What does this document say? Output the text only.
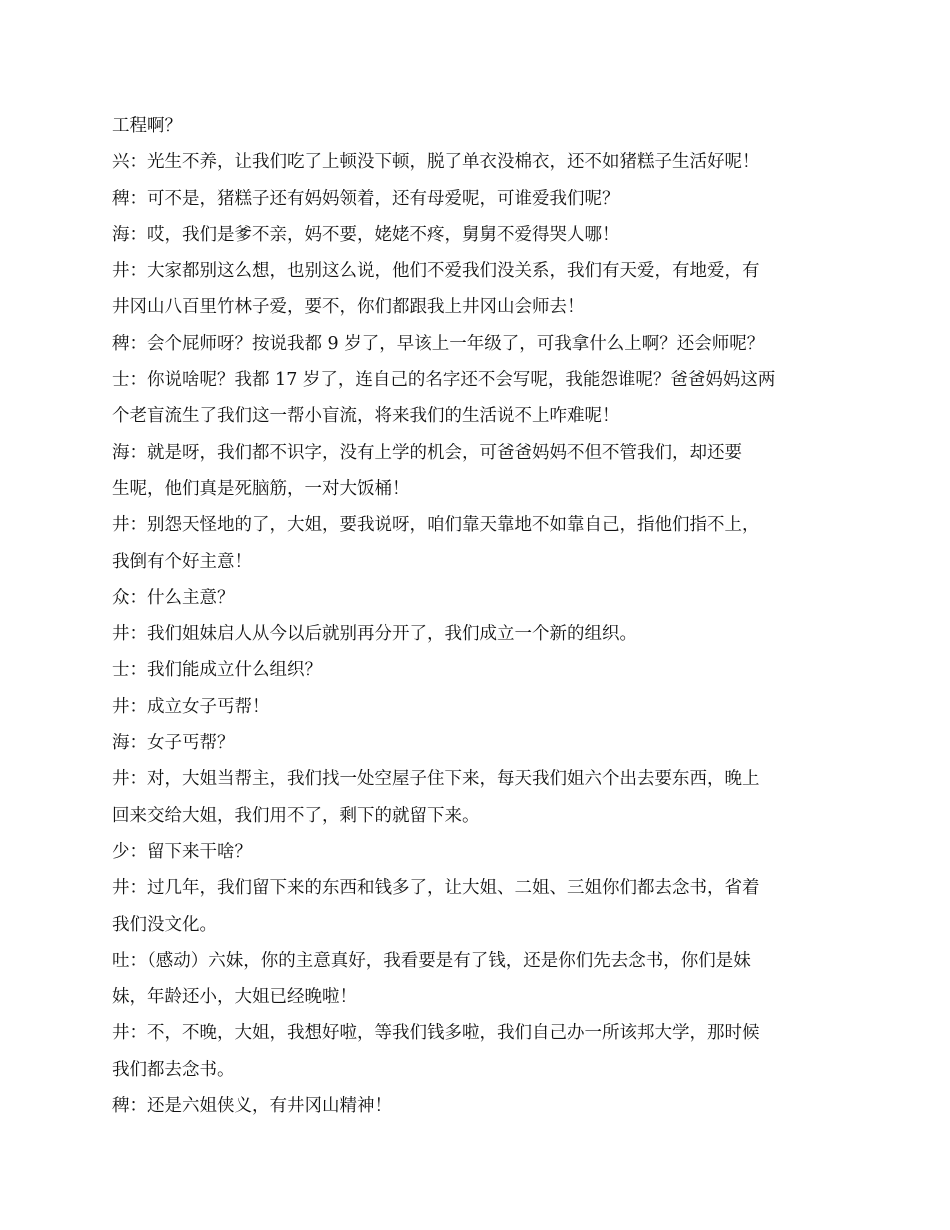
工程啊？
兴：光生不养，让我们吃了上顿没下顿，脱了单衣没棉衣，还不如猪糕子生活好呢！
稗：可不是，猪糕子还有妈妈领着，还有母爱呢，可谁爱我们呢？
海：哎，我们是爹不亲，妈不要，姥姥不疼，舅舅不爱得哭人哪！
井：大家都别这么想，也别这么说，他们不爱我们没关系，我们有天爱，有地爱，有
井冈山八百里竹林子爱，要不，你们都跟我上井冈山会师去！
稗：会个屁师呀？按说我都 9 岁了，早该上一年级了，可我拿什么上啊？还会师呢？
士：你说啥呢？我都 17 岁了，连自己的名字还不会写呢，我能怨谁呢？爸爸妈妈这两
个老盲流生了我们这一帮小盲流，将来我们的生活说不上咋难呢！
海：就是呀，我们都不识字，没有上学的机会，可爸爸妈妈不但不管我们，却还要
生呢，他们真是死脑筋，一对大饭桶！
井：别怨天怪地的了，大姐，要我说呀，咱们靠天靠地不如靠自己，指他们指不上，
我倒有个好主意！
众：什么主意？
井：我们姐妹启人从今以后就别再分开了，我们成立一个新的组织。
士：我们能成立什么组织？
井：成立女子丐帮！
海：女子丐帮？
井：对，大姐当帮主，我们找一处空屋子住下来，每天我们姐六个出去要东西，晚上
回来交给大姐，我们用不了，剩下的就留下来。
少：留下来干啥？
井：过几年，我们留下来的东西和钱多了，让大姐、二姐、三姐你们都去念书，省着
我们没文化。
吐：（感动）六妹，你的主意真好，我看要是有了钱，还是你们先去念书，你们是妹
妹，年龄还小，大姐已经晚啦！
井：不，不晚，大姐，我想好啦，等我们钱多啦，我们自己办一所该邦大学，那时候
我们都去念书。
稗：还是六姐侠义，有井冈山精神！
